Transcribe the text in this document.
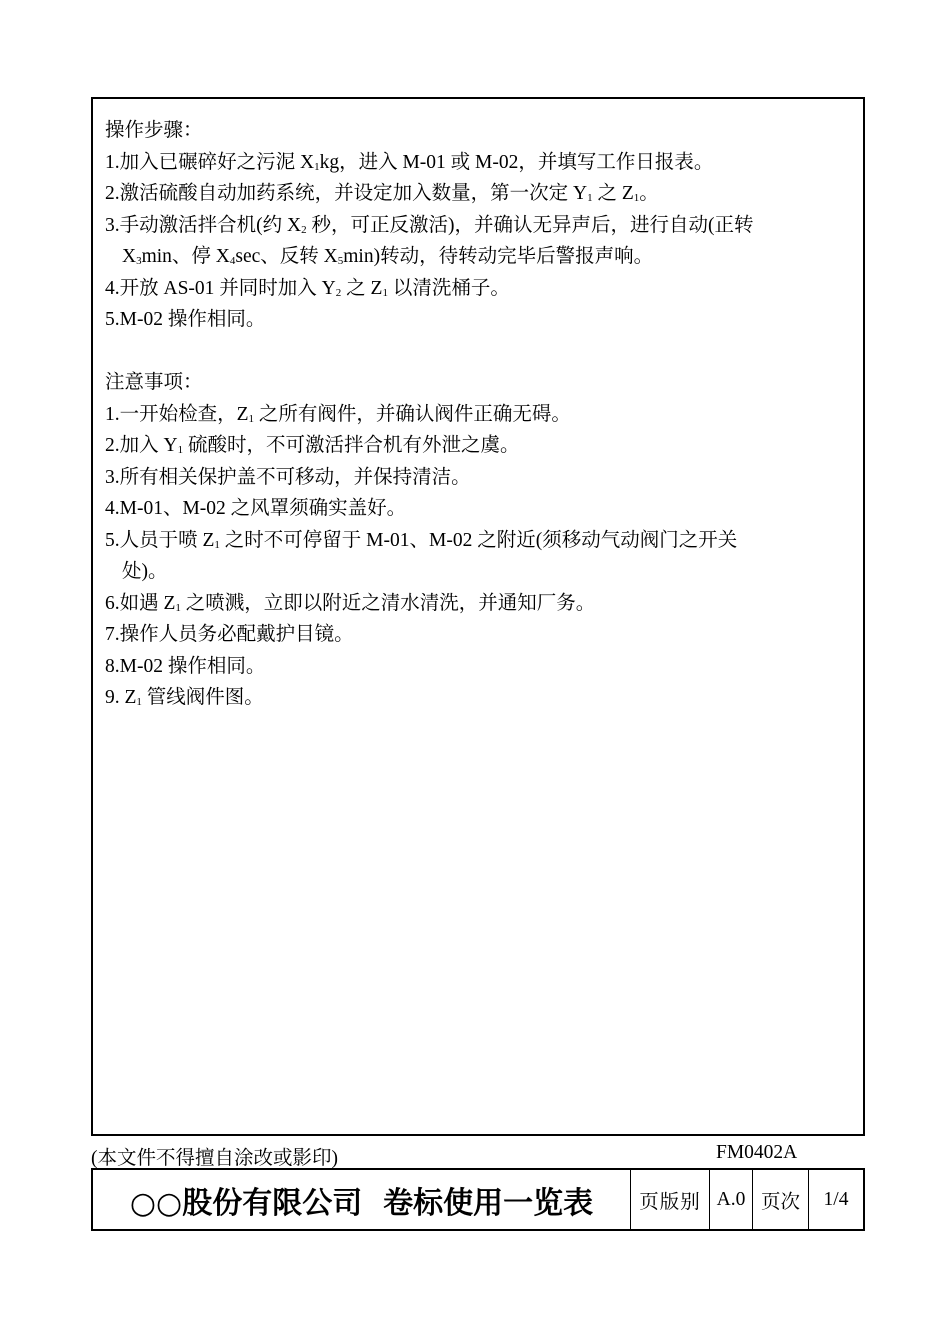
操作步骤：
1.加入已碾碎好之污泥 $X_1kg$，进入 M-01 或 M-02，并填写工作日报表。
2.激活硫酸自动加药系统，并设定加入数量，第一次定 $Y_1$ 之 $Z_1$。
3.手动激活拌合机(约 $X_2$ 秒，可正反激活)，并确认无异声后，进行自动(正转
$X_3\min$、停 $X_4\sec$、反转 $X_5\min$)转动，待转动完毕后警报声响。
4.开放 AS-01 并同时加入 $Y_2$ 之 $Z_1$ 以清洗桶子。
5.M-02 操作相同。
注意事项：
1.一开始检查，$Z_1$ 之所有阀件，并确认阀件正确无碍。
2.加入 $Y_1$ 硫酸时，不可激活拌合机有外泄之虞。
3.所有相关保护盖不可移动，并保持清洁。
4.M-01、M-02 之风罩须确实盖好。
5.人员于喷 $Z_1$ 之时不可停留于 M-01、M-02 之附近(须移动气动阀门之开关
处)。
6.如遇 $Z_1$ 之喷溅，立即以附近之清水清洗，并通知厂务。
7.操作人员务必配戴护目镜。
8.M-02 操作相同。
9. $Z_1$ 管线阀件图。
(本文件不得擅自涂改或影印)	FM0402A
○○股份有限公司  卷标使用一览表	页版别 A.0 页次	1/4
